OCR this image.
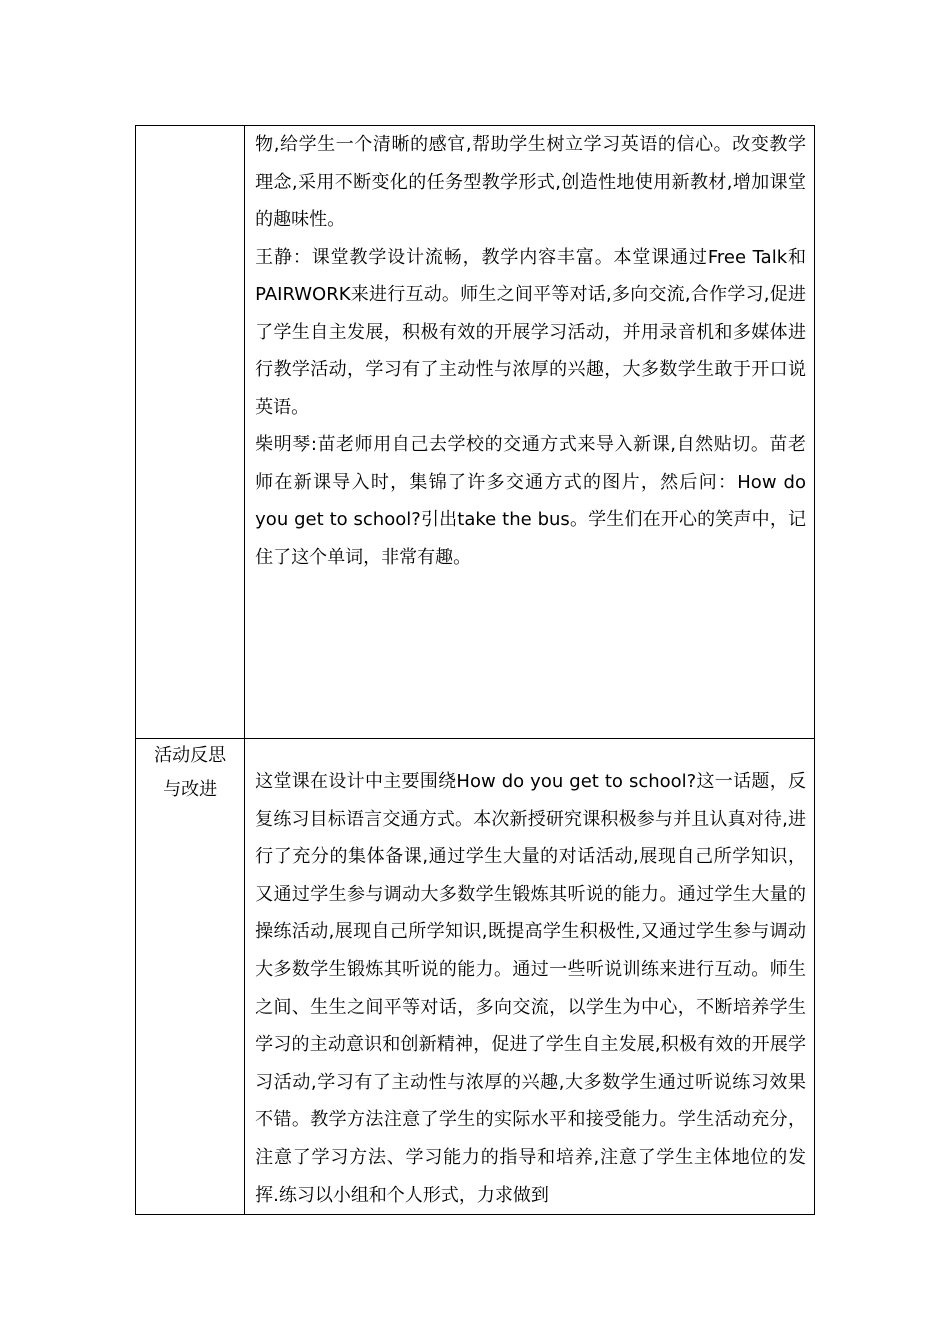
	物,给学生一个清晰的感官,帮助学生树立学习英语的信心。改变教学理念,采用不断变化的任务型教学形式,创造性地使用新教材,增加课堂的趣味性。

王静：课堂教学设计流畅，教学内容丰富。本堂课通过Free Talk和PAIRWORK来进行互动。师生之间平等对话,多向交流,合作学习,促进了学生自主发展，积极有效的开展学习活动，并用录音机和多媒体进行教学活动，学习有了主动性与浓厚的兴趣，大多数学生敢于开口说英语。

柴明琴:苗老师用自己去学校的交通方式来导入新课,自然贴切。苗老师在新课导入时，集锦了许多交通方式的图片，然后问：How do you get to school?引出take the bus。学生们在开心的笑声中，记住了这个单词，非常有趣。

活动反思
与改进	这堂课在设计中主要围绕How do you get to school?这一话题，反复练习目标语言交通方式。本次新授研究课积极参与并且认真对待,进行了充分的集体备课,通过学生大量的对话活动,展现自己所学知识，又通过学生参与调动大多数学生锻炼其听说的能力。通过学生大量的操练活动,展现自己所学知识,既提高学生积极性,又通过学生参与调动大多数学生锻炼其听说的能力。通过一些听说训练来进行互动。师生之间、生生之间平等对话，多向交流，以学生为中心，不断培养学生学习的主动意识和创新精神，促进了学生自主发展,积极有效的开展学习活动,学习有了主动性与浓厚的兴趣,大多数学生通过听说练习效果不错。教学方法注意了学生的实际水平和接受能力。学生活动充分，注意了学习方法、学习能力的指导和培养,注意了学生主体地位的发挥.练习以小组和个人形式，力求做到
